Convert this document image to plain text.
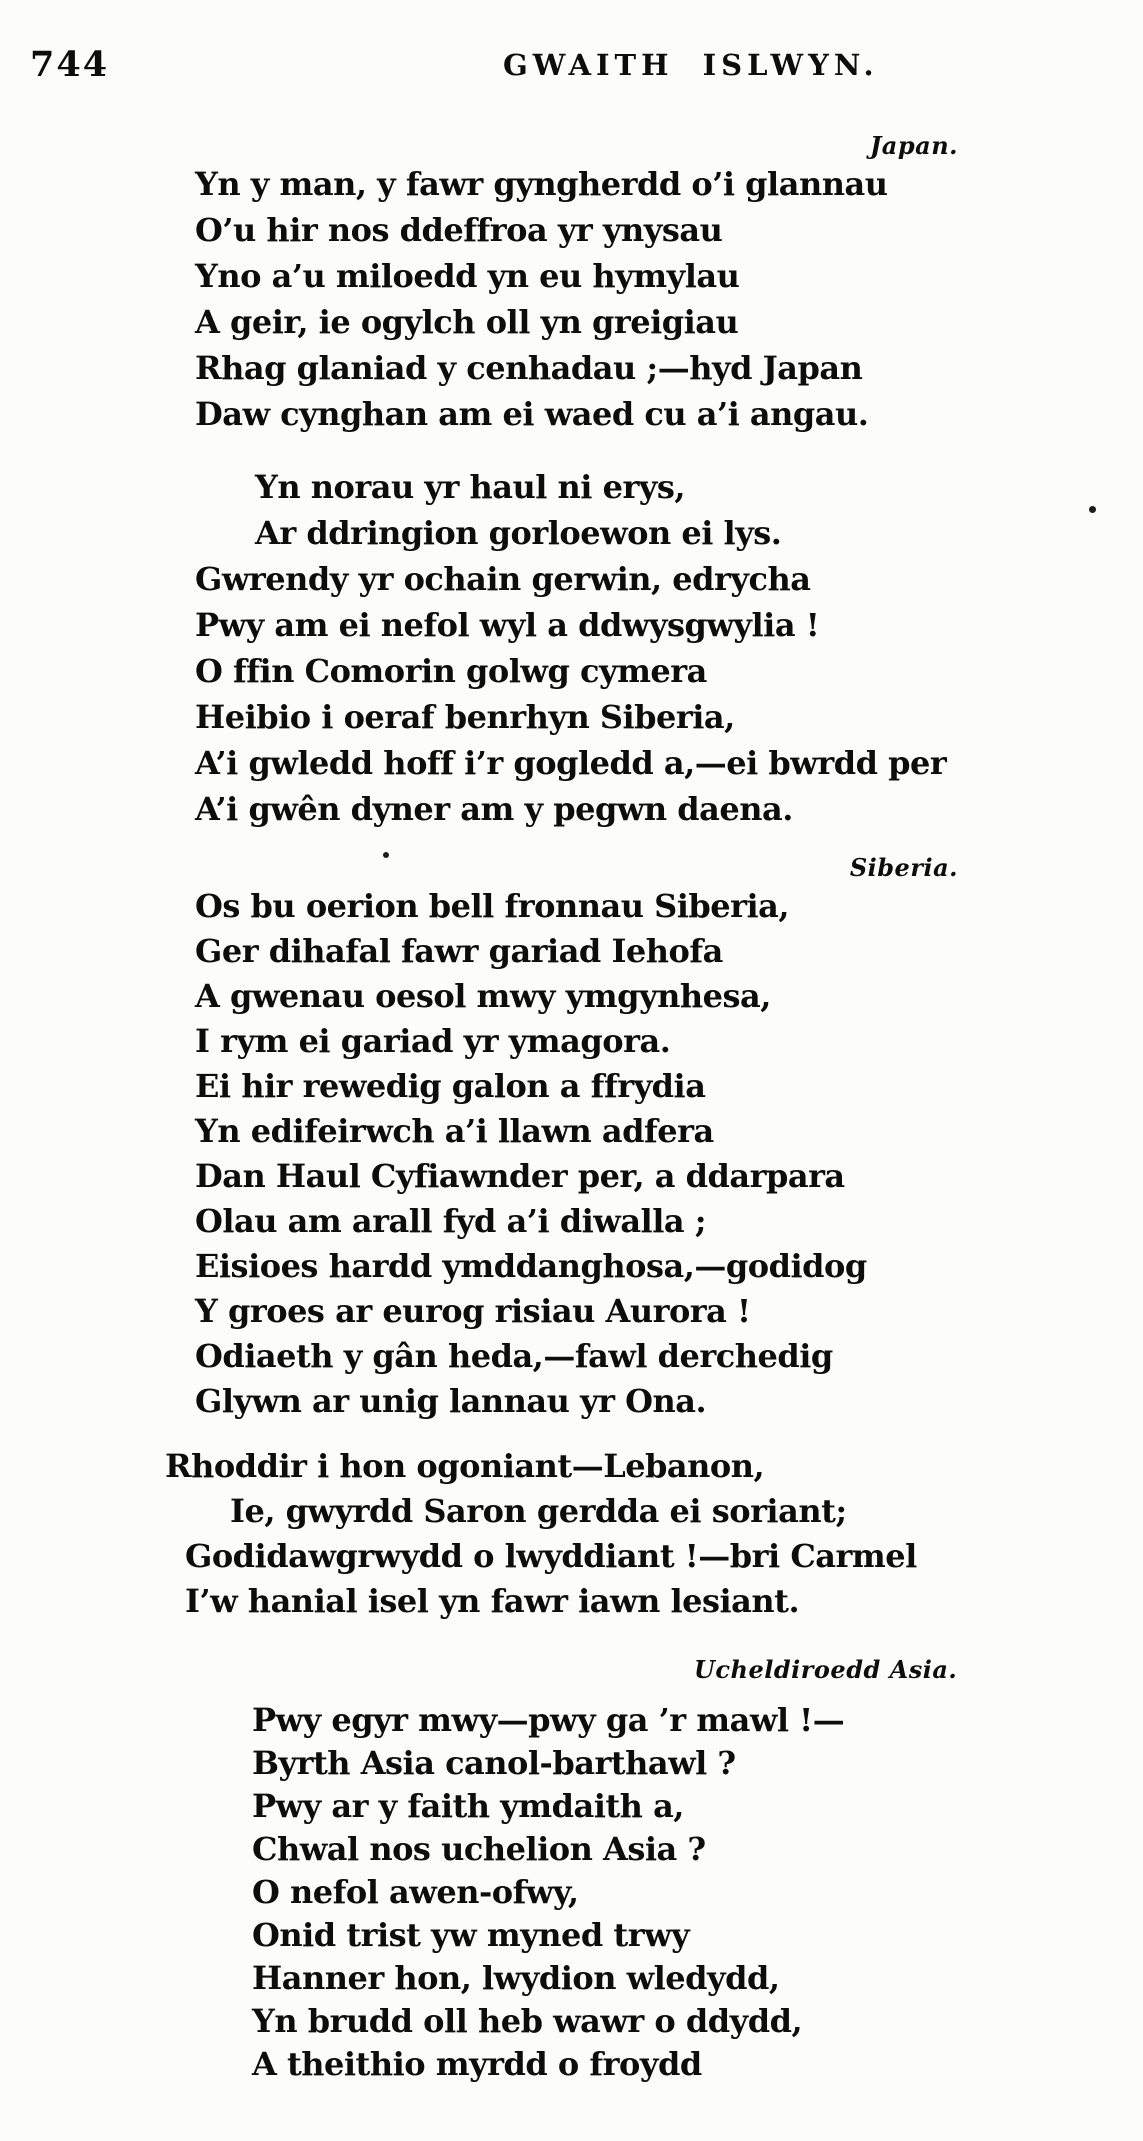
744	GWAITH ISLWYN.
Japan.
Yn y man, y fawr gyngherdd o’i glannau
O’u hir nos ddeffroa yr ynysau
Yno a’u miloedd yn eu hymylau
A geir, ie ogylch oll yn greigiau
Rhag glaniad y cenhadau ;—hyd Japan
Daw cynghan am ei waed cu a’i angau.
Yn norau yr haul ni erys,
Ar ddringion gorloewon ei lys.
Gwrendy yr ochain gerwin, edrycha
Pwy am ei nefol wyl a ddwysgwylia !
O ffin Comorin golwg cymera
Heibio i oeraf benrhyn Siberia,
A’i gwledd hoff i’r gogledd a,—ei bwrdd per
A’i gwên dyner am y pegwn daena.
Siberia.
Os bu oerion bell fronnau Siberia,
Ger dihafal fawr gariad Iehofa
A gwenau oesol mwy ymgynhesa,
I rym ei gariad yr ymagora.
Ei hir rewedig galon a ffrydia
Yn edifeirwch a’i llawn adfera
Dan Haul Cyfiawnder per, a ddarpara
Olau am arall fyd a’i diwalla ;
Eisioes hardd ymddanghosa,—godidog
Y groes ar eurog risiau Aurora !
Odiaeth y gân heda,—fawl derchedig
Glywn ar unig lannau yr Ona.
Rhoddir i hon ogoniant—Lebanon,
Ie, gwyrdd Saron gerdda ei soriant;
Godidawgrwydd o lwyddiant !—bri Carmel
I’w hanial isel yn fawr iawn lesiant.
Ucheldiroedd Asia.
Pwy egyr mwy—pwy ga ’r mawl !—
Byrth Asia canol-barthawl ?
Pwy ar y faith ymdaith a,
Chwal nos uchelion Asia ?
O nefol awen-ofwy,
Onid trist yw myned trwy
Hanner hon, lwydion wledydd,
Yn brudd oll heb wawr o ddydd,
A theithio myrdd o froydd
